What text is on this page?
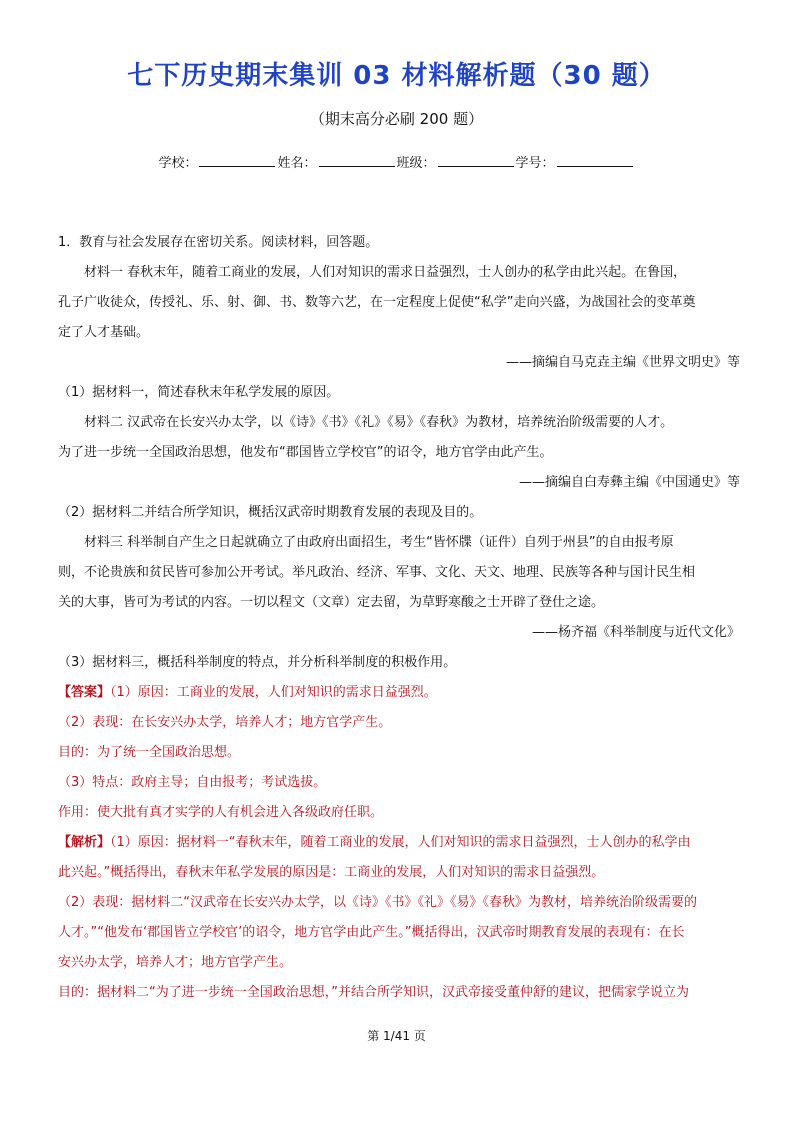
七下历史期末集训 03 材料解析题（30 题）
（期末高分必刷 200 题）
学校：	姓名：	班级：	学号：

1．教育与社会发展存在密切关系。阅读材料，回答题。

材料一 春秋末年，随着工商业的发展，人们对知识的需求日益强烈，士人创办的私学由此兴起。在鲁国，

孔子广收徒众，传授礼、乐、射、御、书、数等六艺，在一定程度上促使“私学”走向兴盛，为战国社会的变革奠

定了人才基础。

——摘编自马克垚主编《世界文明史》等

（1）据材料一，简述春秋末年私学发展的原因。

材料二 汉武帝在长安兴办太学，以《诗》《书》《礼》《易》《春秋》为教材，培养统治阶级需要的人才。

为了进一步统一全国政治思想，他发布“郡国皆立学校官”的诏令，地方官学由此产生。

——摘编自白寿彝主编《中国通史》等

（2）据材料二并结合所学知识，概括汉武帝时期教育发展的表现及目的。

材料三 科举制自产生之日起就确立了由政府出面招生，考生“皆怀牒（证件）自列于州县”的自由报考原

则，不论贵族和贫民皆可参加公开考试。举凡政治、经济、军事、文化、天文、地理、民族等各种与国计民生相

关的大事，皆可为考试的内容。一切以程文（文章）定去留，为草野寒酸之士开辟了登仕之途。

——杨齐福《科举制度与近代文化》

（3）据材料三，概括科举制度的特点，并分析科举制度的积极作用。

【答案】（1）原因：工商业的发展，人们对知识的需求日益强烈。

（2）表现：在长安兴办太学，培养人才；地方官学产生。

目的：为了统一全国政治思想。

（3）特点：政府主导；自由报考；考试选拔。

作用：使大批有真才实学的人有机会进入各级政府任职。

【解析】（1）原因：据材料一“春秋末年，随着工商业的发展，人们对知识的需求日益强烈，士人创办的私学由

此兴起。”概括得出，春秋末年私学发展的原因是：工商业的发展，人们对知识的需求日益强烈。

（2）表现：据材料二“汉武帝在长安兴办太学，以《诗》《书》《礼》《易》《春秋》为教材，培养统治阶级需要的

人才。”“他发布‘郡国皆立学校官’的诏令，地方官学由此产生。”概括得出，汉武帝时期教育发展的表现有：在长

安兴办太学，培养人才；地方官学产生。

目的：据材料二“为了进一步统一全国政治思想，”并结合所学知识，汉武帝接受董仲舒的建议，把儒家学说立为

第 1/41 页
